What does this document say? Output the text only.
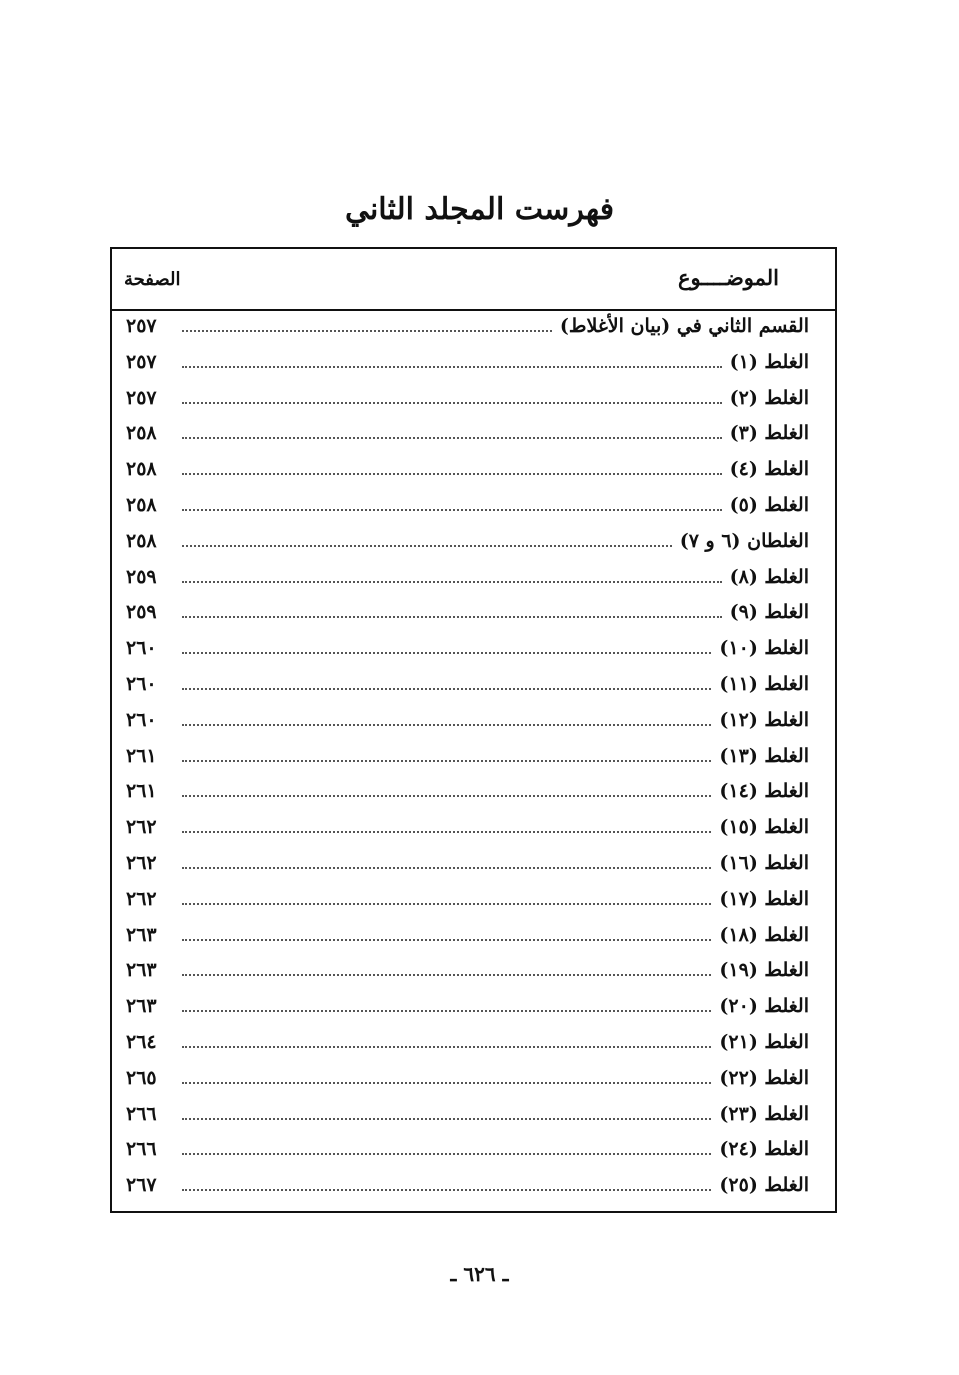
فهرست المجلد الثاني
الموضــــوع
الصفحة
القسم الثاني في (بيان الأغلاط)
٢٥٧
الغلط (١)
٢٥٧
الغلط (٢)
٢٥٧
الغلط (٣)
٢٥٨
الغلط (٤)
٢٥٨
الغلط (٥)
٢٥٨
الغلطان (٦ و ٧)
٢٥٨
الغلط (٨)
٢٥٩
الغلط (٩)
٢٥٩
الغلط (١٠)
٢٦٠
الغلط (١١)
٢٦٠
الغلط (١٢)
٢٦٠
الغلط (١٣)
٢٦١
الغلط (١٤)
٢٦١
الغلط (١٥)
٢٦٢
الغلط (١٦)
٢٦٢
الغلط (١٧)
٢٦٢
الغلط (١٨)
٢٦٣
الغلط (١٩)
٢٦٣
الغلط (٢٠)
٢٦٣
الغلط (٢١)
٢٦٤
الغلط (٢٢)
٢٦٥
الغلط (٢٣)
٢٦٦
الغلط (٢٤)
٢٦٦
الغلط (٢٥)
٢٦٧
ـ ٦٢٦ ـ
